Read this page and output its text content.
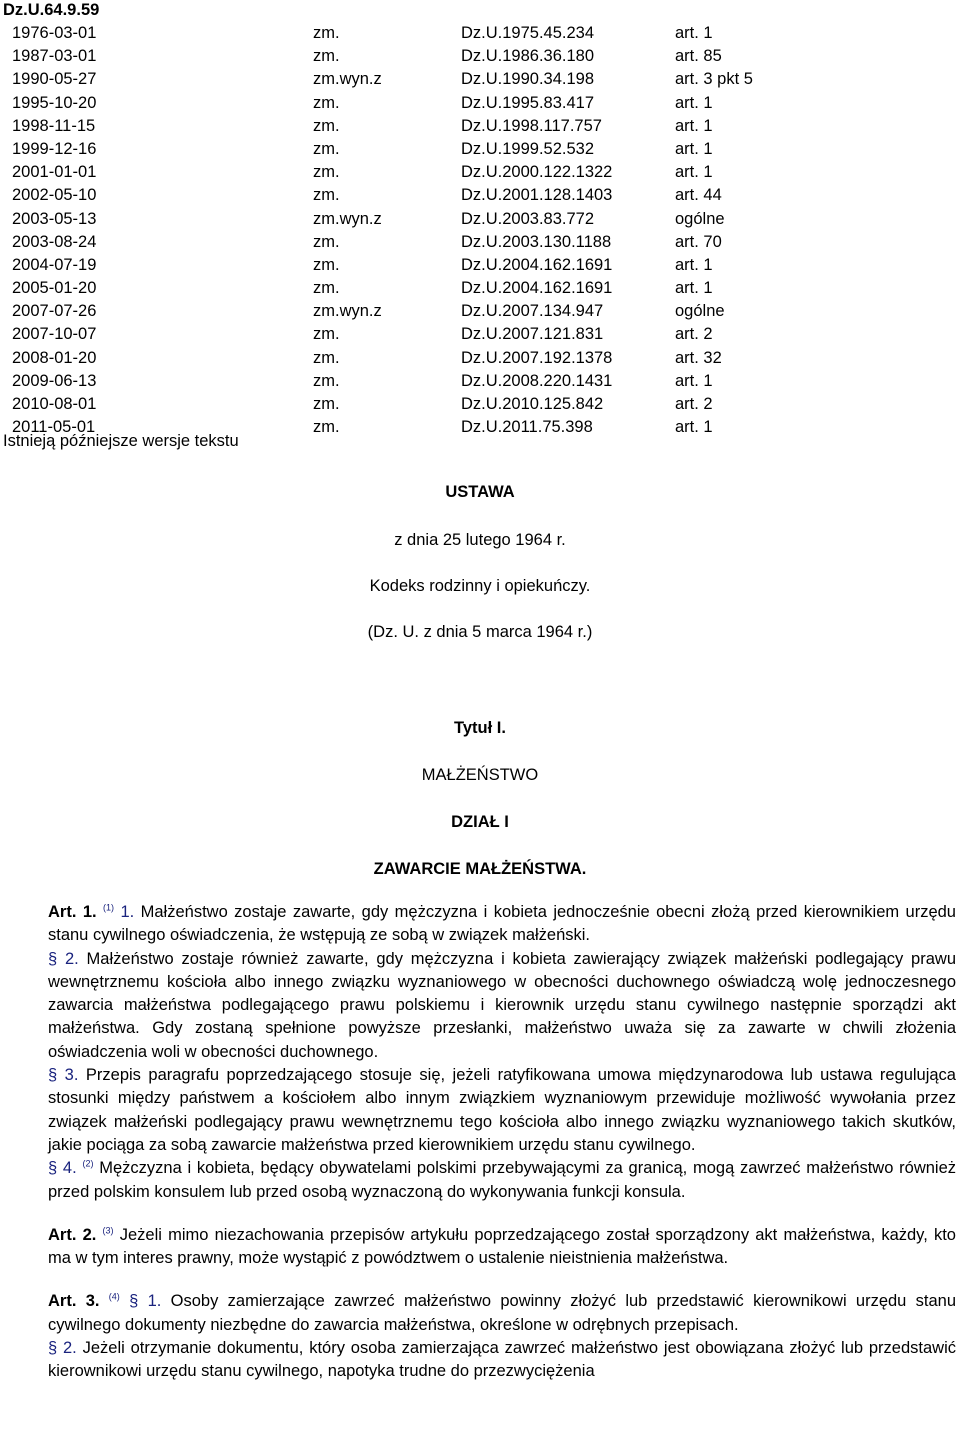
Dz.U.64.9.59
1976-03-01	zm.	Dz.U.1975.45.234	art. 1
1987-03-01	zm.	Dz.U.1986.36.180	art. 85
1990-05-27	zm.wyn.z	Dz.U.1990.34.198	art. 3 pkt 5
1995-10-20	zm.	Dz.U.1995.83.417	art. 1
1998-11-15	zm.	Dz.U.1998.117.757	art. 1
1999-12-16	zm.	Dz.U.1999.52.532	art. 1
2001-01-01	zm.	Dz.U.2000.122.1322	art. 1
2002-05-10	zm.	Dz.U.2001.128.1403	art. 44
2003-05-13	zm.wyn.z	Dz.U.2003.83.772	ogólne
2003-08-24	zm.	Dz.U.2003.130.1188	art. 70
2004-07-19	zm.	Dz.U.2004.162.1691	art. 1
2005-01-20	zm.	Dz.U.2004.162.1691	art. 1
2007-07-26	zm.wyn.z	Dz.U.2007.134.947	ogólne
2007-10-07	zm.	Dz.U.2007.121.831	art. 2
2008-01-20	zm.	Dz.U.2007.192.1378	art. 32
2009-06-13	zm.	Dz.U.2008.220.1431	art. 1
2010-08-01	zm.	Dz.U.2010.125.842	art. 2
2011-05-01	zm.	Dz.U.2011.75.398	art. 1
Istnieją późniejsze wersje tekstu
USTAWA
z dnia 25 lutego 1964 r.
Kodeks rodzinny i opiekuńczy.
(Dz. U. z dnia 5 marca 1964 r.)
Tytuł I.
MAŁŻEŃSTWO
DZIAŁ I
ZAWARCIE MAŁŻEŃSTWA.

Art. 1. $^{(1)}$ 1. Małżeństwo zostaje zawarte, gdy mężczyzna i kobieta jednocześnie obecni złożą przed kierownikiem urzędu stanu cywilnego oświadczenia, że wstępują ze sobą w związek małżeński.

§ 2. Małżeństwo zostaje również zawarte, gdy mężczyzna i kobieta zawierający związek małżeński podlegający prawu wewnętrznemu kościoła albo innego związku wyznaniowego w obecności duchownego oświadczą wolę jednoczesnego zawarcia małżeństwa podlegającego prawu polskiemu i kierownik urzędu stanu cywilnego następnie sporządzi akt małżeństwa. Gdy zostaną spełnione powyższe przesłanki, małżeństwo uważa się za zawarte w chwili złożenia oświadczenia woli w obecności duchownego.

§ 3. Przepis paragrafu poprzedzającego stosuje się, jeżeli ratyfikowana umowa międzynarodowa lub ustawa regulująca stosunki między państwem a kościołem albo innym związkiem wyznaniowym przewiduje możliwość wywołania przez związek małżeński podlegający prawu wewnętrznemu tego kościoła albo innego związku wyznaniowego takich skutków, jakie pociąga za sobą zawarcie małżeństwa przed kierownikiem urzędu stanu cywilnego.

§ 4. $^{(2)}$ Mężczyzna i kobieta, będący obywatelami polskimi przebywającymi za granicą, mogą zawrzeć małżeństwo również przed polskim konsulem lub przed osobą wyznaczoną do wykonywania funkcji konsula.

Art. 2. $^{(3)}$ Jeżeli mimo niezachowania przepisów artykułu poprzedzającego został sporządzony akt małżeństwa, każdy, kto ma w tym interes prawny, może wystąpić z powództwem o ustalenie nieistnienia małżeństwa.

Art. 3. $^{(4)}$ § 1. Osoby zamierzające zawrzeć małżeństwo powinny złożyć lub przedstawić kierownikowi urzędu stanu cywilnego dokumenty niezbędne do zawarcia małżeństwa, określone w odrębnych przepisach.

§ 2. Jeżeli otrzymanie dokumentu, który osoba zamierzająca zawrzeć małżeństwo jest obowiązana złożyć lub przedstawić kierownikowi urzędu stanu cywilnego, napotyka trudne do przezwyciężenia
